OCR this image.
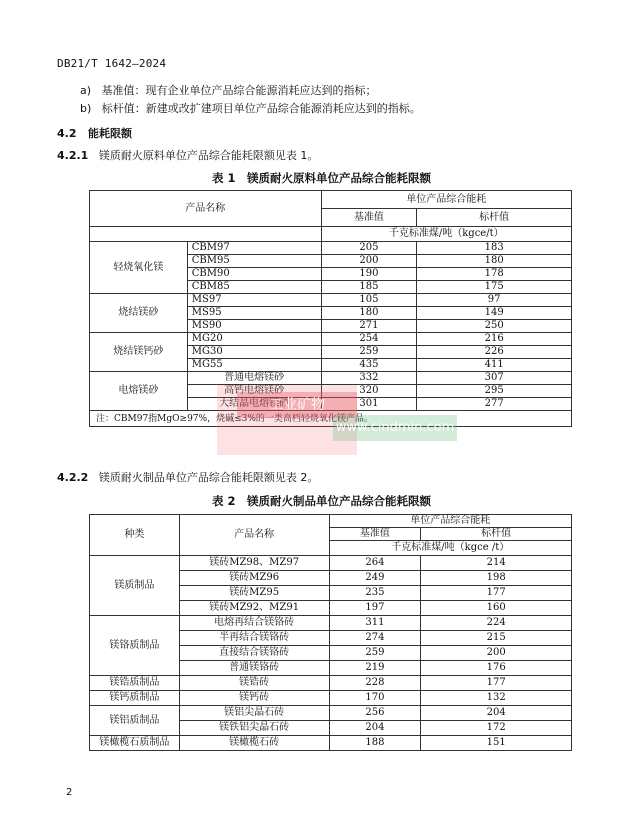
DB21/T 1642—2024
a) 基准值：现有企业单位产品综合能源消耗应达到的指标；
b) 标杆值：新建或改扩建项目单位产品综合能源消耗应达到的指标。
4.2 能耗限额
4.2.1 镁质耐火原料单位产品综合能耗限额见表 1。
表 1　镁质耐火原料单位产品综合能耗限额
产品名称		单位产品综合能耗	
		基准值	标杆值
		千克标准煤/吨（kgce/t）	
轻烧氧化镁	CBM97	205	183
	CBM95	200	180
	CBM90	190	178
	CBM85	185	175
烧结镁砂	MS97	105	97
	MS95	180	149
	MS90	271	250
烧结镁钙砂	MG20	254	216
	MG30	259	226
	MG55	435	411
电熔镁砂	普通电熔镁砂	332	307
	高钙电熔镁砂	320	295
	大结晶电熔镁砂	301	277
注：CBM97指MgO≥97%，烧碱≤3%的一类高档轻烧氧化镁产品。			
4.2.2 镁质耐火制品单位产品综合能耗限额见表 2。
表 2　镁质耐火制品单位产品综合能耗限额
种类	产品名称	单位产品综合能耗	
		基准值	标杆值
		千克标准煤/吨（kgce /t）	
镁质制品	镁砖MZ98、MZ97	264	214
	镁砖MZ96	249	198
	镁砖MZ95	235	177
	镁砖MZ92、MZ91	197	160
镁铬质制品	电熔再结合镁铬砖	311	224
	半再结合镁铬砖	274	215
	直接结合镁铬砖	259	200
	普通镁铬砖	219	176
镁锆质制品	镁锆砖	228	177
镁钙质制品	镁钙砖	170	132
镁铝质制品	镁铝尖晶石砖	256	204
	镁铁铝尖晶石砖	204	172
镁橄榄石质制品	镁橄榄石砖	188	151
工业矿物
www.cindmin.com
2
